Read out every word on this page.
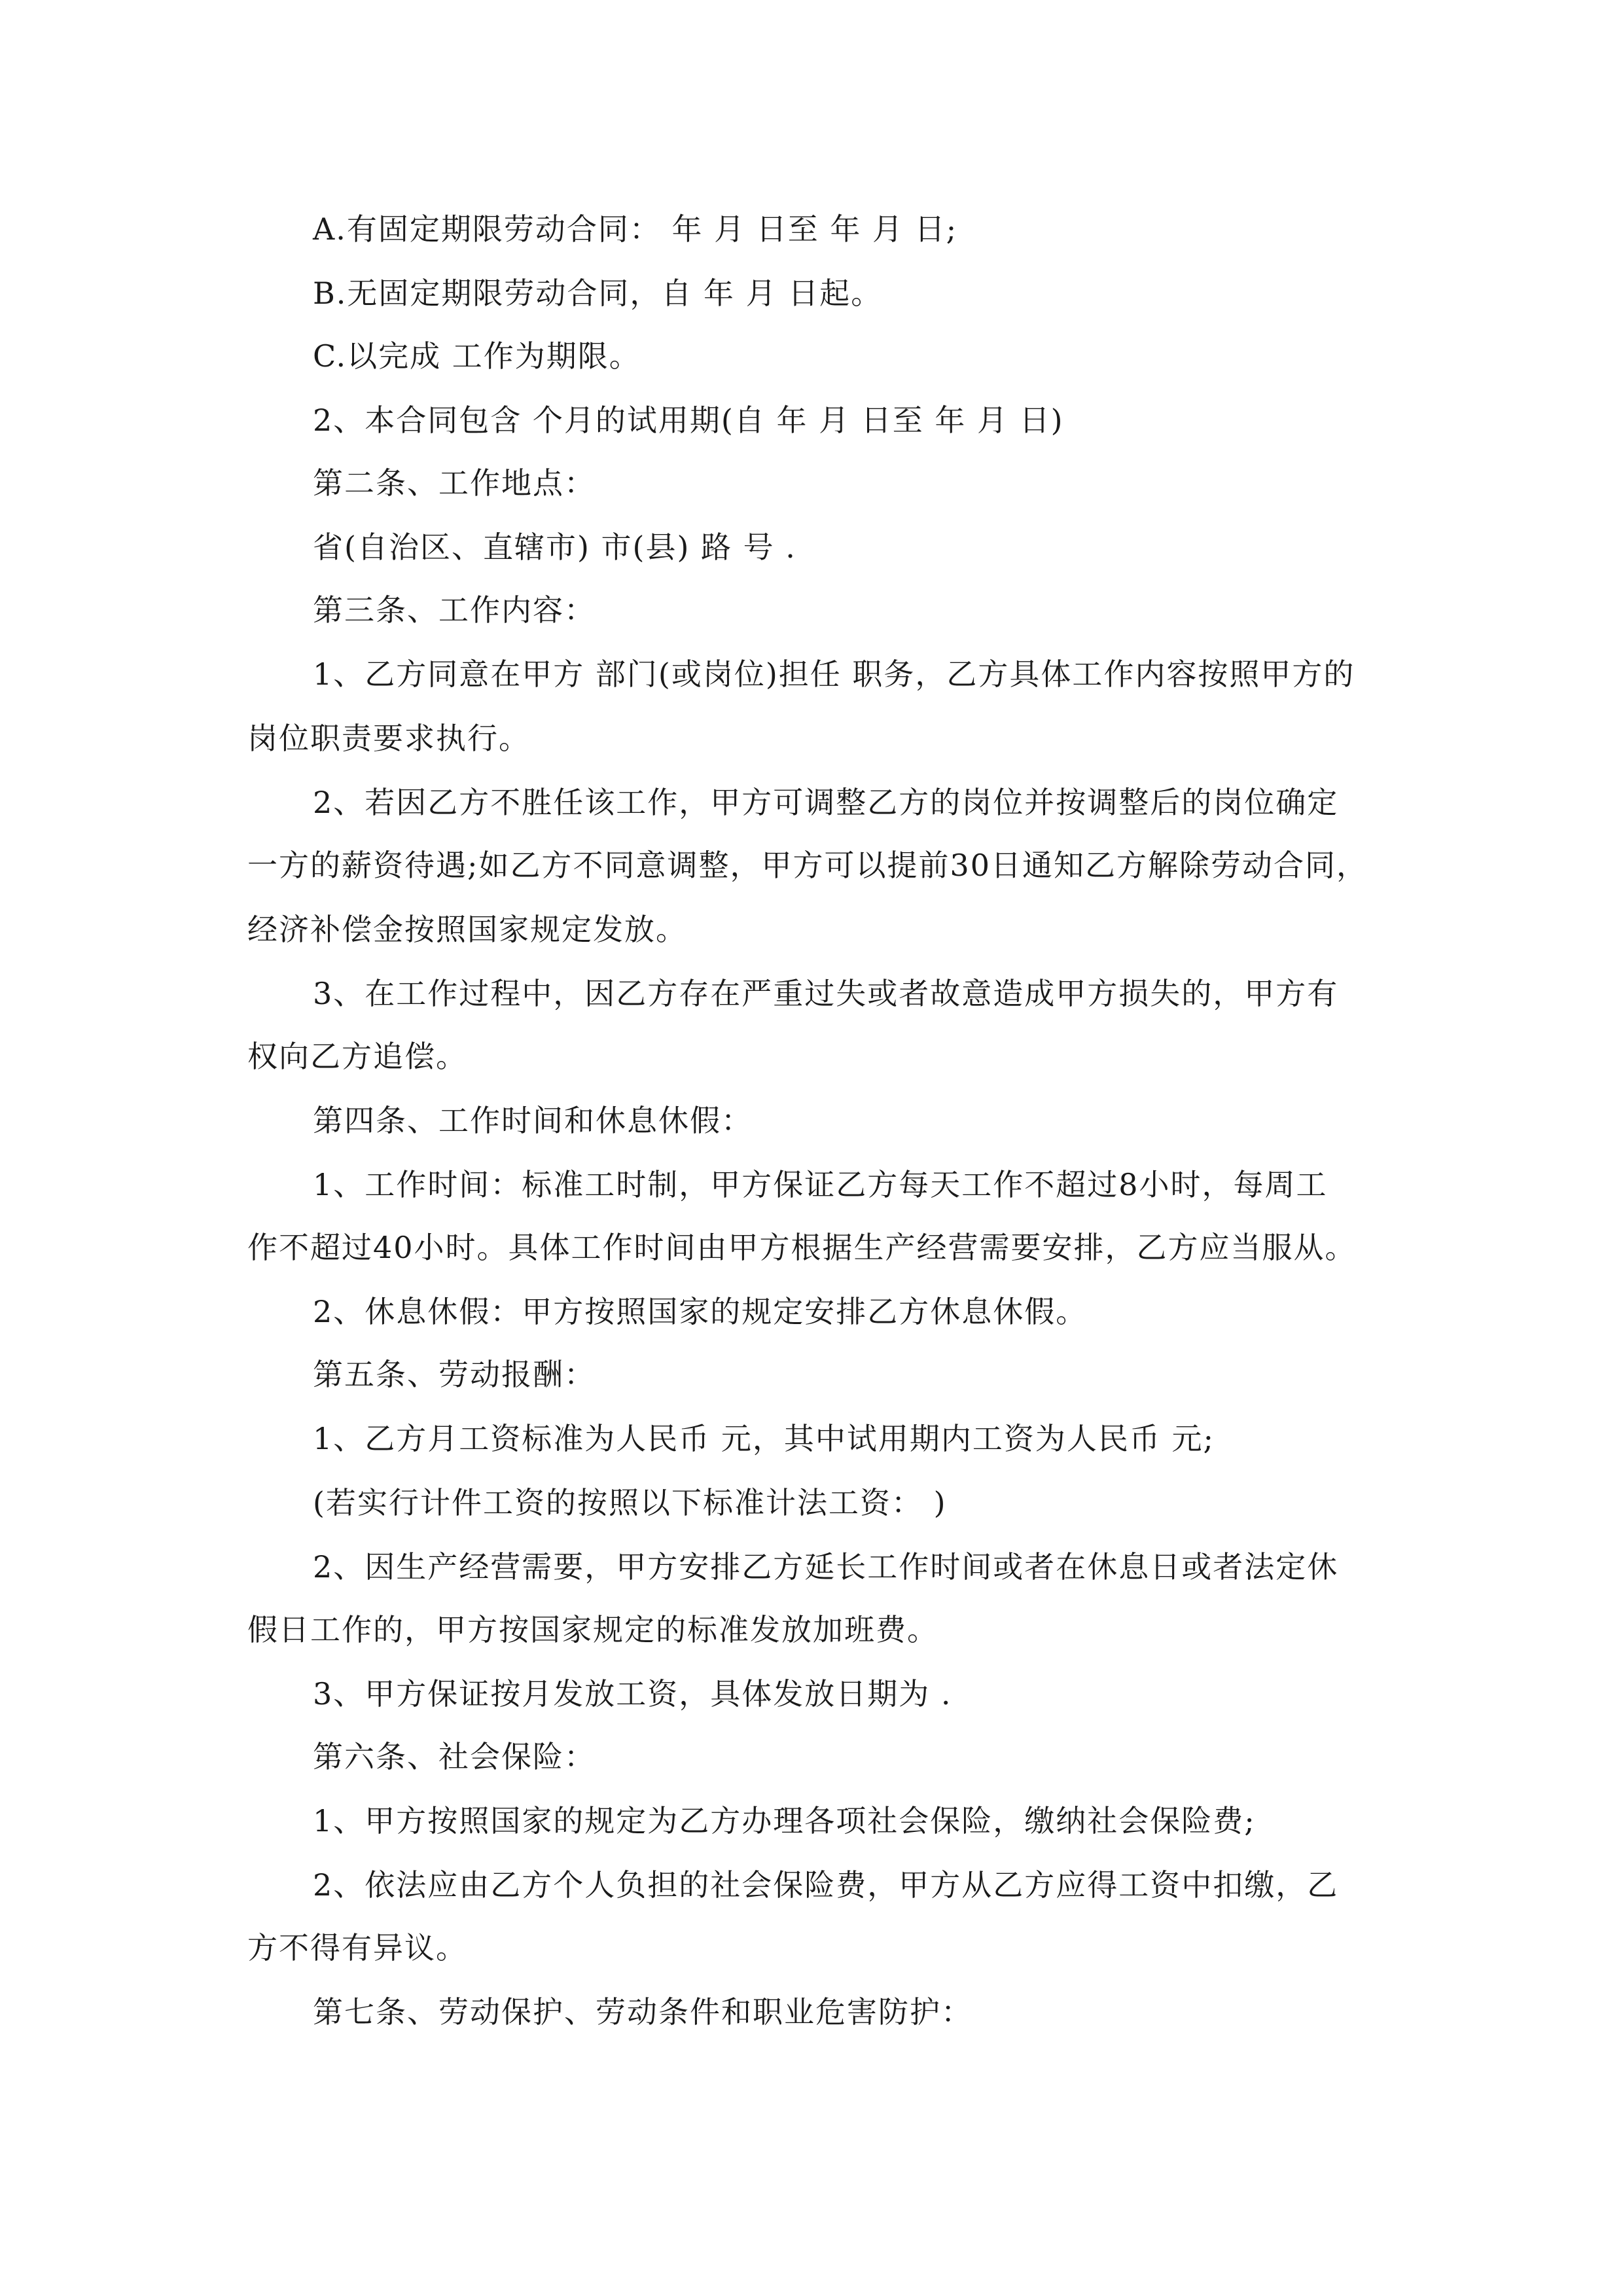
A.有固定期限劳动合同： 年 月 日至 年 月 日;
B.无固定期限劳动合同，自 年 月 日起。
C.以完成 工作为期限。
2、本合同包含 个月的试用期(自 年 月 日至 年 月 日)
第二条、工作地点：
省(自治区、直辖市) 市(县) 路 号 .
第三条、工作内容：
1、乙方同意在甲方 部门(或岗位)担任 职务，乙方具体工作内容按照甲方的
岗位职责要求执行。
2、若因乙方不胜任该工作，甲方可调整乙方的岗位并按调整后的岗位确定
一方的薪资待遇;如乙方不同意调整，甲方可以提前30日通知乙方解除劳动合同，
经济补偿金按照国家规定发放。
3、在工作过程中，因乙方存在严重过失或者故意造成甲方损失的，甲方有
权向乙方追偿。
第四条、工作时间和休息休假：
1、工作时间：标准工时制，甲方保证乙方每天工作不超过8小时，每周工
作不超过40小时。具体工作时间由甲方根据生产经营需要安排，乙方应当服从。
2、休息休假：甲方按照国家的规定安排乙方休息休假。
第五条、劳动报酬：
1、乙方月工资标准为人民币 元，其中试用期内工资为人民币 元;
(若实行计件工资的按照以下标准计法工资： )
2、因生产经营需要，甲方安排乙方延长工作时间或者在休息日或者法定休
假日工作的，甲方按国家规定的标准发放加班费。
3、甲方保证按月发放工资，具体发放日期为 .
第六条、社会保险：
1、甲方按照国家的规定为乙方办理各项社会保险，缴纳社会保险费;
2、依法应由乙方个人负担的社会保险费，甲方从乙方应得工资中扣缴，乙
方不得有异议。
第七条、劳动保护、劳动条件和职业危害防护：
